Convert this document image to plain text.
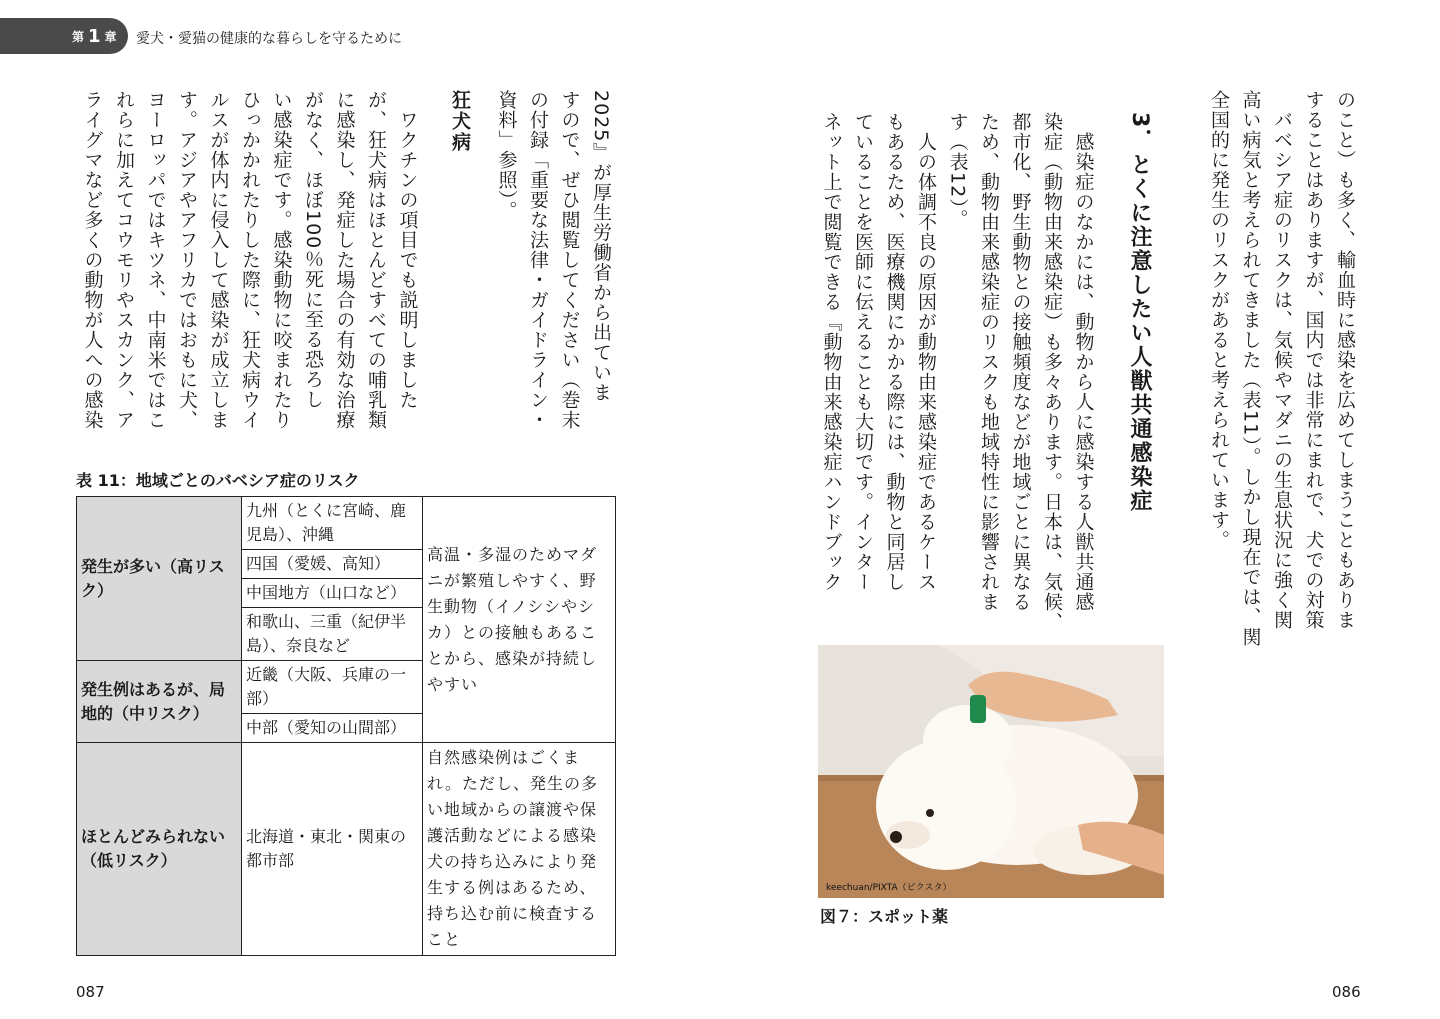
第 1 章 愛犬・愛猫の健康的な暮らしを守るために

のこと）も多く、輸血時に感染を広めてしまうこともありま

することはありますが、国内では非常にまれで、犬での対策

　バベシア症のリスクは、気候やマダニの生息状況に強く関

高い病気と考えられてきました（表11）。しかし現在では、関

全国的に発生のリスクがあると考えられています。

3．とくに注意したい人獣共通感染症

　感染症のなかには、動物から人に感染する人獣共通感

染症（動物由来感染症）も多々あります。日本は、気候、

都市化、野生動物との接触頻度などが地域ごとに異なる

ため、動物由来感染症のリスクも地域特性に影響されま

す（表12）。

　人の体調不良の原因が動物由来感染症であるケース

もあるため、医療機関にかかる際には、動物と同居し

ていることを医師に伝えることも大切です。インター

ネット上で閲覧できる『動物由来感染症ハンドブック

keechuan/PIXTA（ピクスタ）
図７：スポット薬
086

2025』が厚生労働省から出ていま

すので、ぜひ閲覧してください（巻末

の付録「重要な法律・ガイドライン・

資料」参照）。

狂犬病

　ワクチンの項目でも説明しました

が、狂犬病はほとんどすべての哺乳類

に感染し、発症した場合の有効な治療

がなく、ほぼ100％死に至る恐ろし

い感染症です。感染動物に咬まれたり

ひっかかれたりした際に、狂犬病ウイ

ルスが体内に侵入して感染が成立しま

す。アジアやアフリカではおもに犬、

ヨーロッパではキツネ、中南米ではこ

れらに加えてコウモリやスカンク、ア

ライグマなど多くの動物が人への感染

表 11：地域ごとのバベシア症のリスク
発生が多い（高リスク）	九州（とくに宮崎、鹿児島）、沖縄	高温・多湿のためマダニが繁殖しやすく、野生動物（イノシシやシカ）との接触もあることから、感染が持続しやすい
	四国（愛媛、高知）	
	中国地方（山口など）	
	和歌山、三重（紀伊半島）、奈良など	
発生例はあるが、局地的（中リスク）	近畿（大阪、兵庫の一部）	
	中部（愛知の山間部）	
ほとんどみられない（低リスク）	北海道・東北・関東の都市部	自然感染例はごくまれ。ただし、発生の多い地域からの譲渡や保護活動などによる感染犬の持ち込みにより発生する例はあるため、持ち込む前に検査すること
087
